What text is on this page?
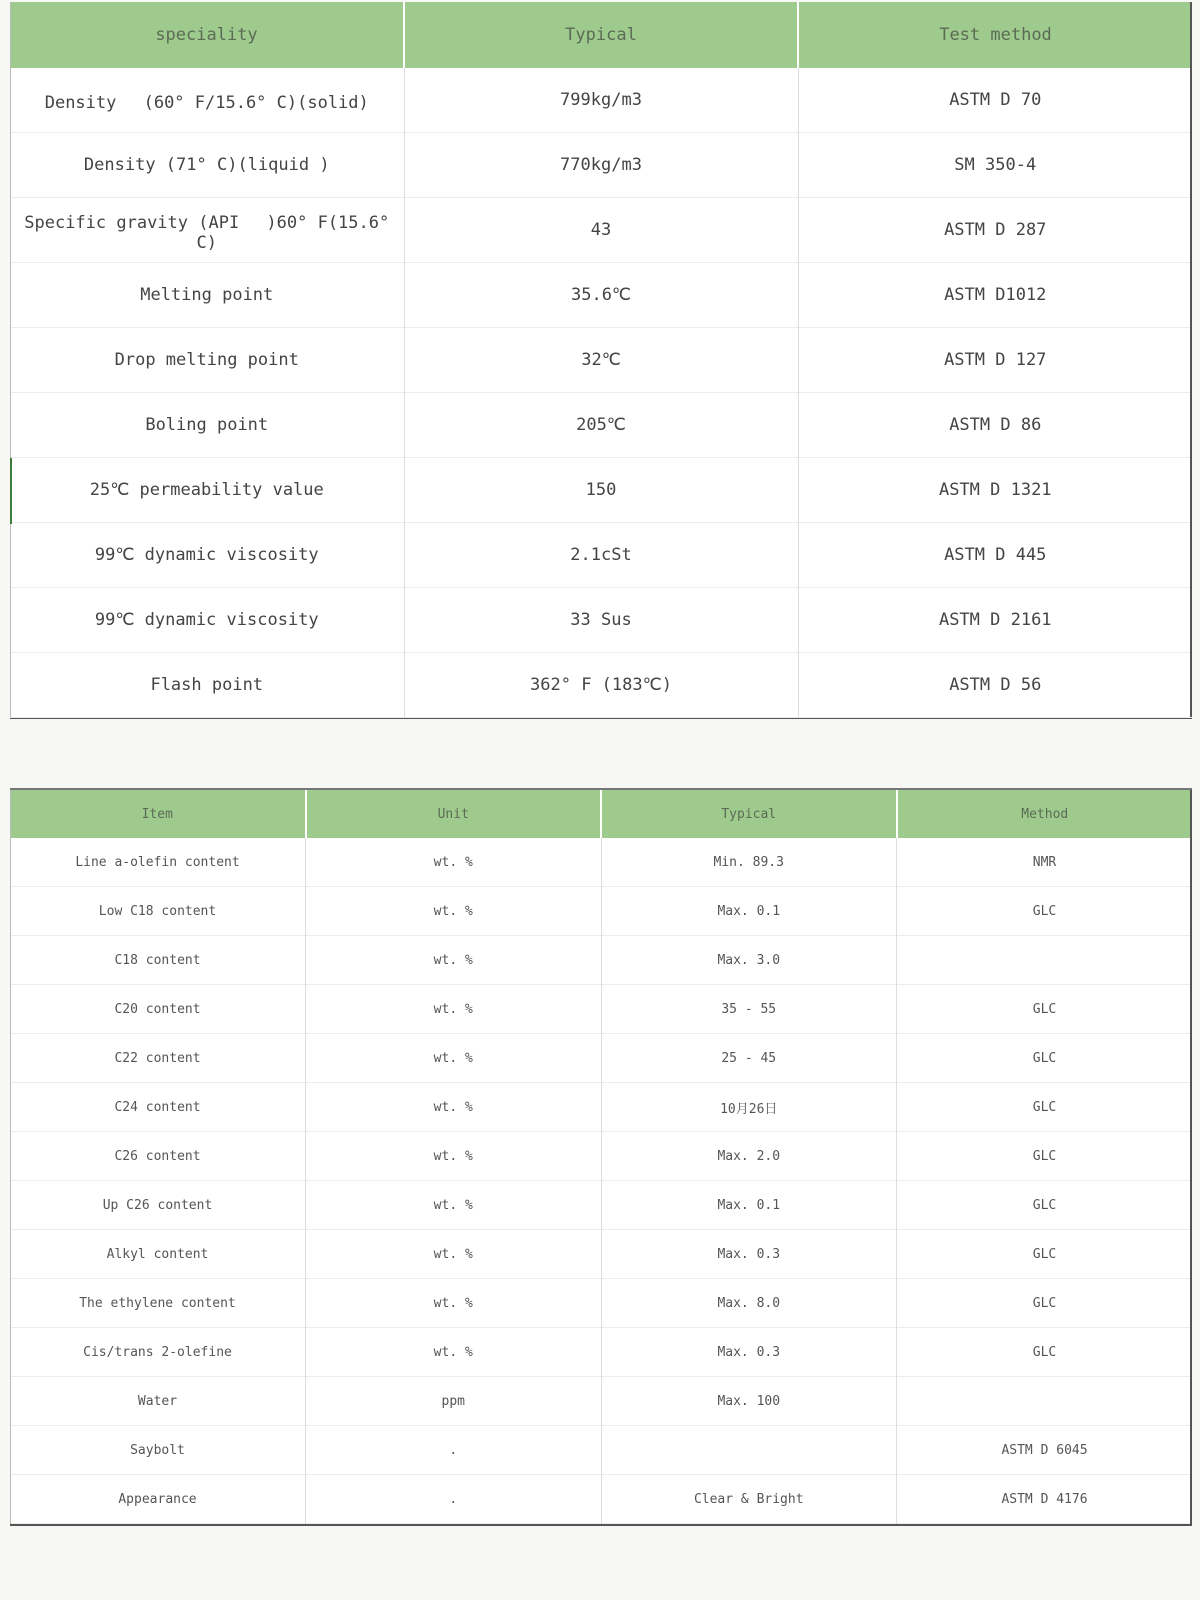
speciality	Typical	Test method
Density　 (60° F/15.6° C)(solid)	799kg/m3	ASTM D 70
Density (71° C)(liquid )	770kg/m3	SM 350-4
Specific gravity (API　 )60° F(15.6° C)	43	ASTM D 287
Melting point	35.6℃	ASTM D1012
Drop melting point	32℃	ASTM D 127
Boling point	205℃	ASTM D 86
25℃ permeability value	150	ASTM D 1321
99℃ dynamic viscosity	2.1cSt	ASTM D 445
99℃ dynamic viscosity	33 Sus	ASTM D 2161
Flash point	362° F (183℃)	ASTM D 56
Item	Unit	Typical	Method
Line a-olefin content	wt. %	Min. 89.3	NMR
Low C18 content	wt. %	Max. 0.1	GLC
C18 content	wt. %	Max. 3.0	
C20 content	wt. %	35 - 55	GLC
C22 content	wt. %	25 - 45	GLC
C24 content	wt. %	10月26日	GLC
C26 content	wt. %	Max. 2.0	GLC
Up C26 content	wt. %	Max. 0.1	GLC
Alkyl content	wt. %	Max. 0.3	GLC
The ethylene content	wt. %	Max. 8.0	GLC
Cis/trans 2-olefine	wt. %	Max. 0.3	GLC
Water	ppm	Max. 100	
Saybolt	.		ASTM D 6045
Appearance	.	Clear & Bright	ASTM D 4176
